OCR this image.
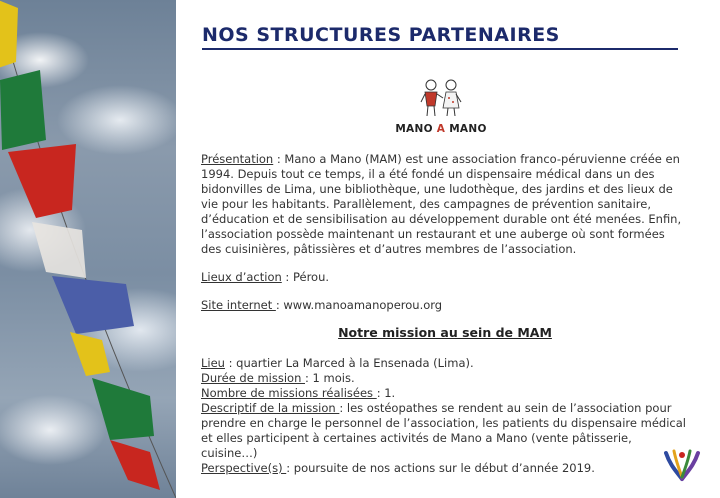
NOS STRUCTURES PARTENAIRES
MANO A MANO

Présentation : Mano a Mano (MAM) est une association franco-péruvienne créée en 1994. Depuis tout ce temps, il a été fondé un dispensaire médical dans un des bidonvilles de Lima, une bibliothèque, une ludothèque, des jardins et des lieux de vie pour les habitants. Parallèlement, des campagnes de prévention sanitaire, d’éducation et de sensibilisation au développement durable ont été menées. Enfin, l’association possède maintenant un restaurant et une auberge où sont formées des cuisinières, pâtissières et d’autres membres de l’association.

Lieux d’action : Pérou.

Site internet : www.manoamanoperou.org

Notre mission au sein de MAM
Lieu : quartier La Marced à la Ensenada (Lima).
Durée de mission : 1 mois.
Nombre de missions réalisées : 1.
Descriptif de la mission : les ostéopathes se rendent au sein de l’association pour prendre en charge le personnel de l’association, les patients du dispensaire médical et elles participent à certaines activités de Mano a Mano (vente pâtisserie, cuisine…)
Perspective(s) : poursuite de nos actions sur le début d’année 2019.
